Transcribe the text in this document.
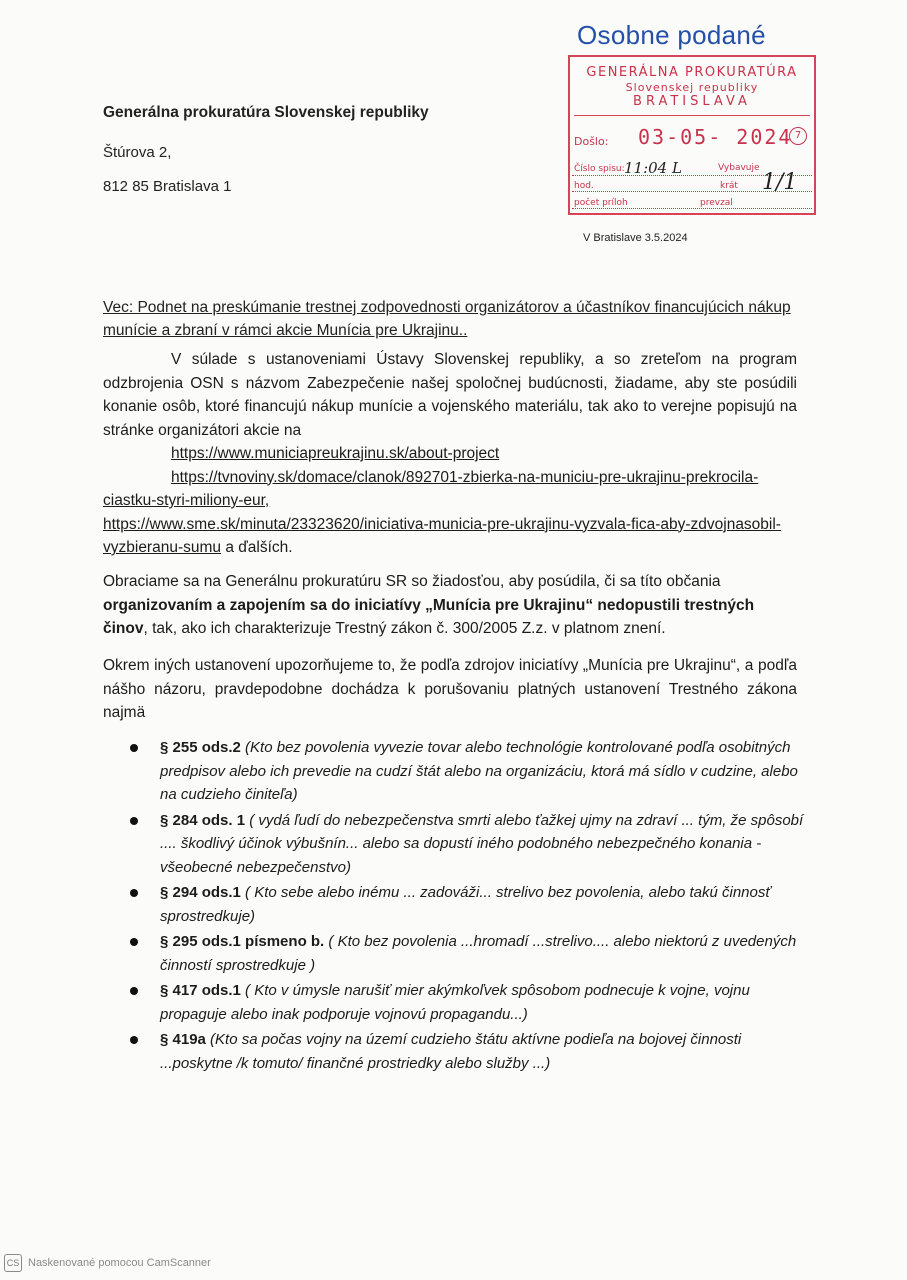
Osobne podané
Generálna prokuratúra Slovenskej republiky
Štúrova 2,
812 85 Bratislava 1
GENERÁLNA PROKURATÚRA
Slovenskej republiky
BRATISLAVA
Došlo: 03-05- 2024 7
Číslo spisu: 11:04 L	Vybavuje
hod.	krát 1/1
počet príloh	prevzal
V Bratislave 3.5.2024
Vec: Podnet na preskúmanie trestnej zodpovednosti organizátorov a účastníkov financujúcich nákup munície a zbraní v rámci akcie Munícia pre Ukrajinu..
V súlade s ustanoveniami Ústavy Slovenskej republiky, a so zreteľom na program odzbrojenia OSN s názvom Zabezpečenie našej spoločnej budúcnosti, žiadame, aby ste posúdili konanie osôb, ktoré financujú nákup munície a vojenského materiálu, tak ako to verejne popisujú na stránke organizátori akcie na
https://www.municiapreukrajinu.sk/about-project
https://tvnoviny.sk/domace/clanok/892701-zbierka-na-municiu-pre-ukrajinu-prekrocila-ciastku-styri-miliony-eur,
https://www.sme.sk/minuta/23323620/iniciativa-municia-pre-ukrajinu-vyzvala-fica-aby-zdvojnasobil-vyzbieranu-sumu a ďalších.
Obraciame sa na Generálnu prokuratúru SR so žiadosťou, aby posúdila, či sa títo občania organizovaním a zapojením sa do iniciatívy „Munícia pre Ukrajinu“ nedopustili trestných činov, tak, ako ich charakterizuje Trestný zákon č. 300/2005 Z.z. v platnom znení.
Okrem iných ustanovení upozorňujeme to, že podľa zdrojov iniciatívy „Munícia pre Ukrajinu“, a podľa nášho názoru, pravdepodobne dochádza k porušovaniu platných ustanovení Trestného zákona najmä
§ 255 ods.2 (Kto bez povolenia vyvezie tovar alebo technológie kontrolované podľa osobitných predpisov alebo ich prevedie na cudzí štát alebo na organizáciu, ktorá má sídlo v cudzine, alebo na cudzieho činiteľa)
§ 284 ods. 1 ( vydá ľudí do nebezpečenstva smrti alebo ťažkej ujmy na zdraví ... tým, že spôsobí .... škodlivý účinok výbušnín... alebo sa dopustí iného podobného nebezpečného konania - všeobecné nebezpečenstvo)
§ 294 ods.1 ( Kto sebe alebo inému ... zadováži... strelivo bez povolenia, alebo takú činnosť sprostredkuje)
§ 295 ods.1 písmeno b. ( Kto bez povolenia ...hromadí ...strelivo.... alebo niektorú z uvedených činností sprostredkuje )
§ 417 ods.1 ( Kto v úmysle narušiť mier akýmkoľvek spôsobom podnecuje k vojne, vojnu propaguje alebo inak podporuje vojnovú propagandu...)
§ 419a (Kto sa počas vojny na území cudzieho štátu aktívne podieľa na bojovej činnosti ...poskytne /k tomuto/ finančné prostriedky alebo služby ...)
CS Naskenované pomocou CamScanner
